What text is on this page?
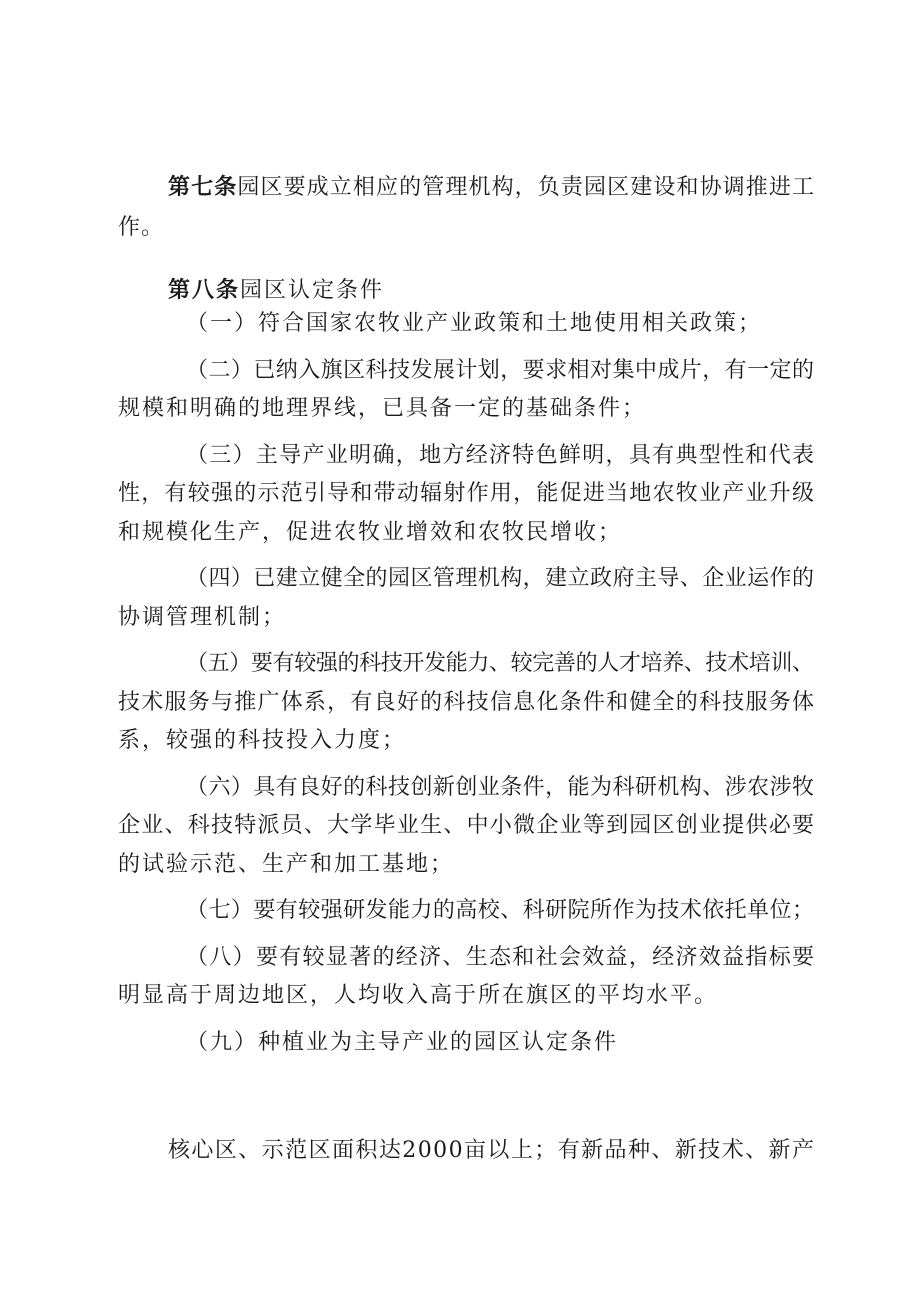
第七条园区要成立相应的管理机构，负责园区建设和协调推进工
作。
第八条园区认定条件
（一）符合国家农牧业产业政策和土地使用相关政策；
（二）已纳入旗区科技发展计划，要求相对集中成片，有一定的
规模和明确的地理界线，已具备一定的基础条件；
（三）主导产业明确，地方经济特色鲜明，具有典型性和代表
性，有较强的示范引导和带动辐射作用，能促进当地农牧业产业升级
和规模化生产，促进农牧业增效和农牧民增收；
（四）已建立健全的园区管理机构，建立政府主导、企业运作的
协调管理机制；
（五）要有较强的科技开发能力、较完善的人才培养、技术培训、
技术服务与推广体系，有良好的科技信息化条件和健全的科技服务体
系，较强的科技投入力度；
（六）具有良好的科技创新创业条件，能为科研机构、涉农涉牧
企业、科技特派员、大学毕业生、中小微企业等到园区创业提供必要
的试验示范、生产和加工基地；
（七）要有较强研发能力的高校、科研院所作为技术依托单位；
（八）要有较显著的经济、生态和社会效益，经济效益指标要
明显高于周边地区，人均收入高于所在旗区的平均水平。
（九）种植业为主导产业的园区认定条件
核心区、示范区面积达2000亩以上；有新品种、新技术、新产
